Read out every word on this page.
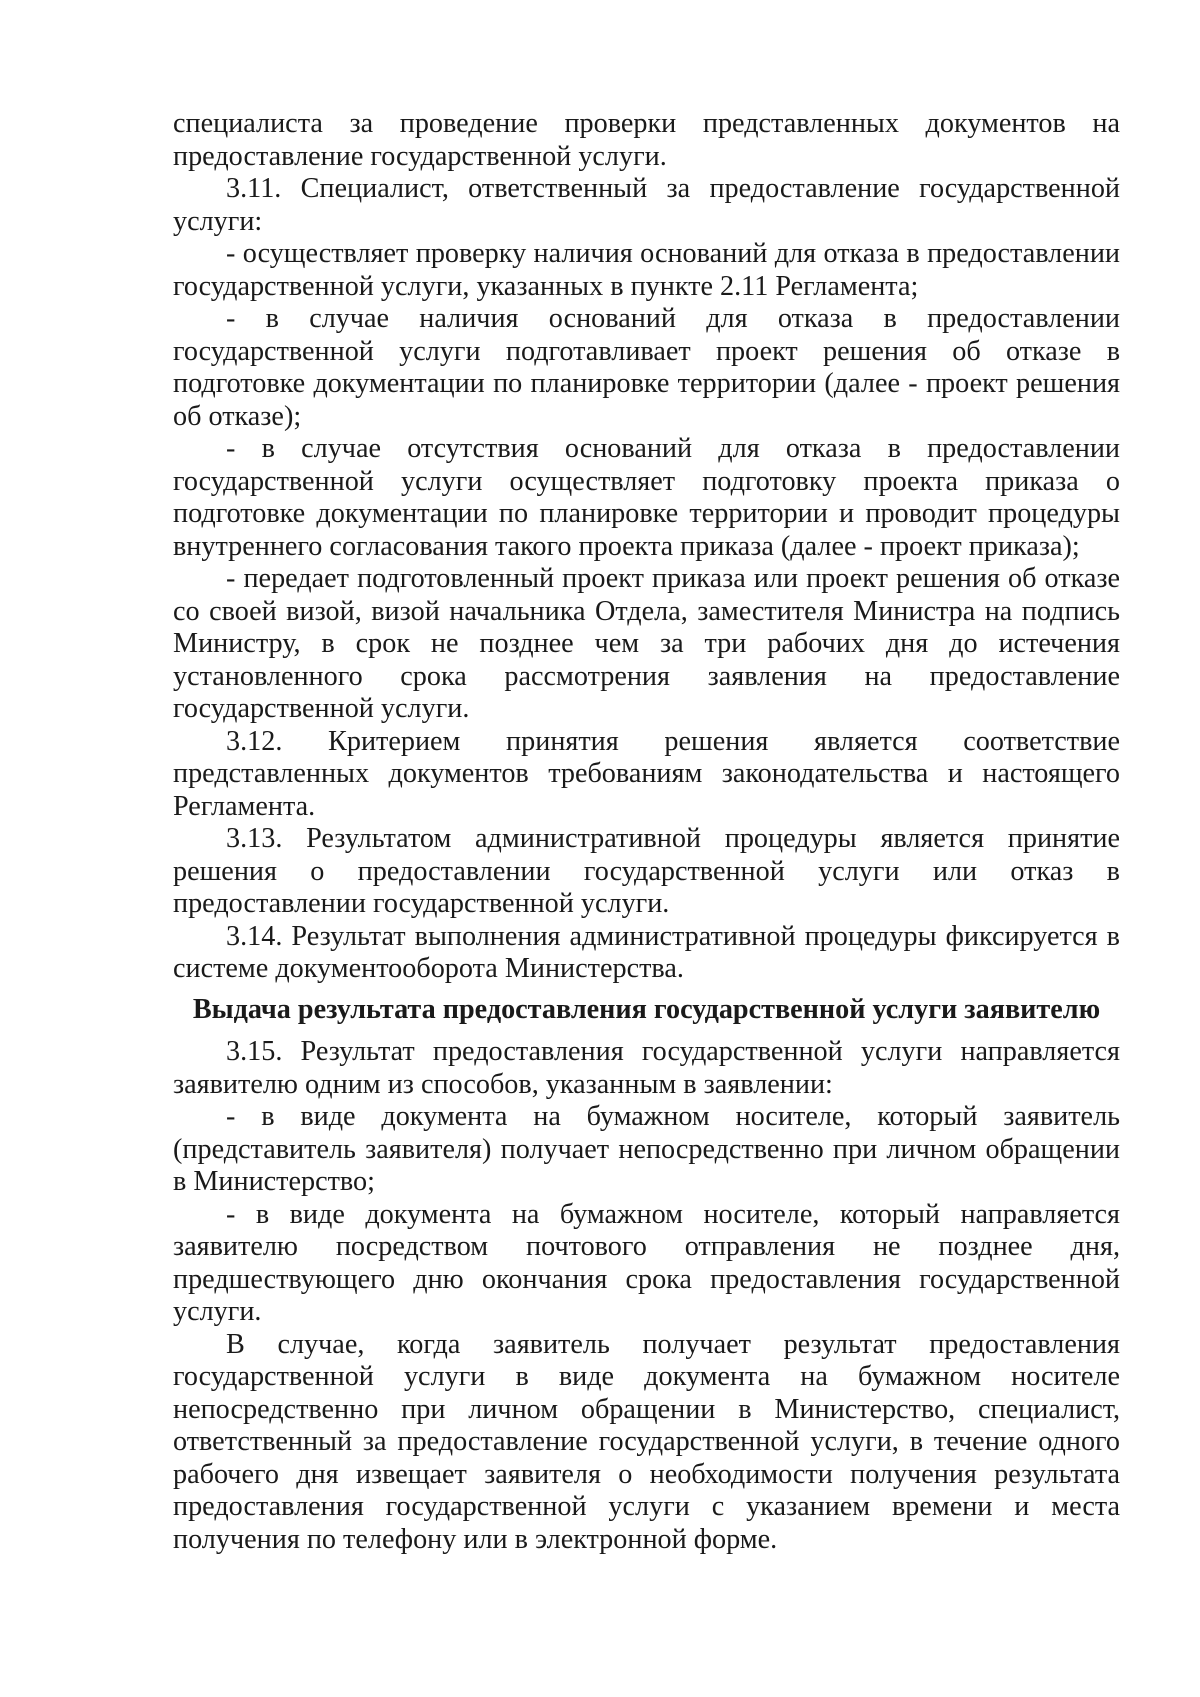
специалиста за проведение проверки представленных документов на предоставление государственной услуги.

3.11. Специалист, ответственный за предоставление государственной услуги:

- осуществляет проверку наличия оснований для отказа в предоставлении государственной услуги, указанных в пункте 2.11 Регламента;

- в случае наличия оснований для отказа в предоставлении государственной услуги подготавливает проект решения об отказе в подготовке документации по планировке территории (далее - проект решения об отказе);

- в случае отсутствия оснований для отказа в предоставлении государственной услуги осуществляет подготовку проекта приказа о подготовке документации по планировке территории и проводит процедуры внутреннего согласования такого проекта приказа (далее - проект приказа);

- передает подготовленный проект приказа или проект решения об отказе со своей визой, визой начальника Отдела, заместителя Министра на подпись Министру, в срок не позднее чем за три рабочих дня до истечения установленного срока рассмотрения заявления на предоставление государственной услуги.

3.12. Критерием принятия решения является соответствие представленных документов требованиям законодательства и настоящего Регламента.

3.13. Результатом административной процедуры является принятие решения о предоставлении государственной услуги или отказ в предоставлении государственной услуги.

3.14. Результат выполнения административной процедуры фиксируется в системе документооборота Министерства.

Выдача результата предоставления государственной услуги заявителю

3.15. Результат предоставления государственной услуги направляется заявителю одним из способов, указанным в заявлении:

- в виде документа на бумажном носителе, который заявитель (представитель заявителя) получает непосредственно при личном обращении в Министерство;

- в виде документа на бумажном носителе, который направляется заявителю посредством почтового отправления не позднее дня, предшествующего дню окончания срока предоставления государственной услуги.

В случае, когда заявитель получает результат предоставления государственной услуги в виде документа на бумажном носителе непосредственно при личном обращении в Министерство, специалист, ответственный за предоставление государственной услуги, в течение одного рабочего дня извещает заявителя о необходимости получения результата предоставления государственной услуги с указанием времени и места получения по телефону или в электронной форме.
